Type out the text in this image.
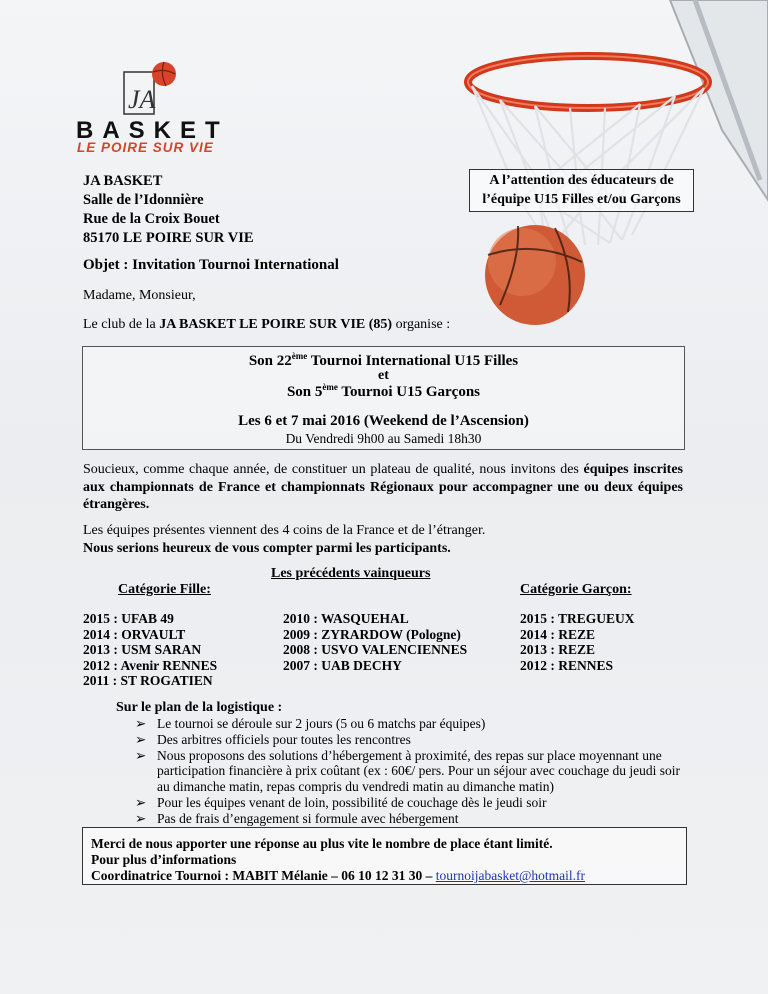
JA
BASKET
LE POIRE SUR VIE
JA BASKET
Salle de l’Idonnière
Rue de la Croix Bouet
85170 LE POIRE SUR VIE
A l’attention des éducateurs de
l’équipe U15 Filles et/ou Garçons
Objet : Invitation Tournoi International
Madame, Monsieur,
Le club de la JA BASKET LE POIRE SUR VIE (85) organise :
Son 22ème Tournoi International U15 Filles
et
Son 5ème Tournoi U15 Garçons
Les 6 et 7 mai 2016 (Weekend de l’Ascension)
Du Vendredi 9h00 au Samedi 18h30
Soucieux, comme chaque année, de constituer un plateau de qualité, nous invitons des équipes inscrites aux championnats de France et championnats Régionaux pour accompagner une ou deux équipes étrangères.
Les équipes présentes viennent des 4 coins de la France et de l’étranger.
Nous serions heureux de vous compter parmi les participants.
Les précédents vainqueurs
Catégorie Fille:	Catégorie Garçon:
2015 : UFAB 49
2014 : ORVAULT
2013 : USM SARAN
2012 : Avenir RENNES
2011 : ST ROGATIEN
2010 : WASQUEHAL
2009 : ZYRARDOW (Pologne)
2008 : USVO VALENCIENNES
2007 : UAB DECHY
2015 : TREGUEUX
2014 : REZE
2013 : REZE
2012 : RENNES
Sur le plan de la logistique :
➢ Le tournoi se déroule sur 2 jours (5 ou 6 matchs par équipes)
➢ Des arbitres officiels pour toutes les rencontres
➢ Nous proposons des solutions d’hébergement à proximité, des repas sur place moyennant une participation financière à prix coûtant (ex : 60€/ pers. Pour un séjour avec couchage du jeudi soir au dimanche matin, repas compris du vendredi matin au dimanche matin)
➢ Pour les équipes venant de loin, possibilité de couchage dès le jeudi soir
➢ Pas de frais d’engagement si formule avec hébergement
Merci de nous apporter une réponse au plus vite le nombre de place étant limité.
Pour plus d’informations
Coordinatrice Tournoi : MABIT Mélanie – 06 10 12 31 30 – tournoijabasket@hotmail.fr
